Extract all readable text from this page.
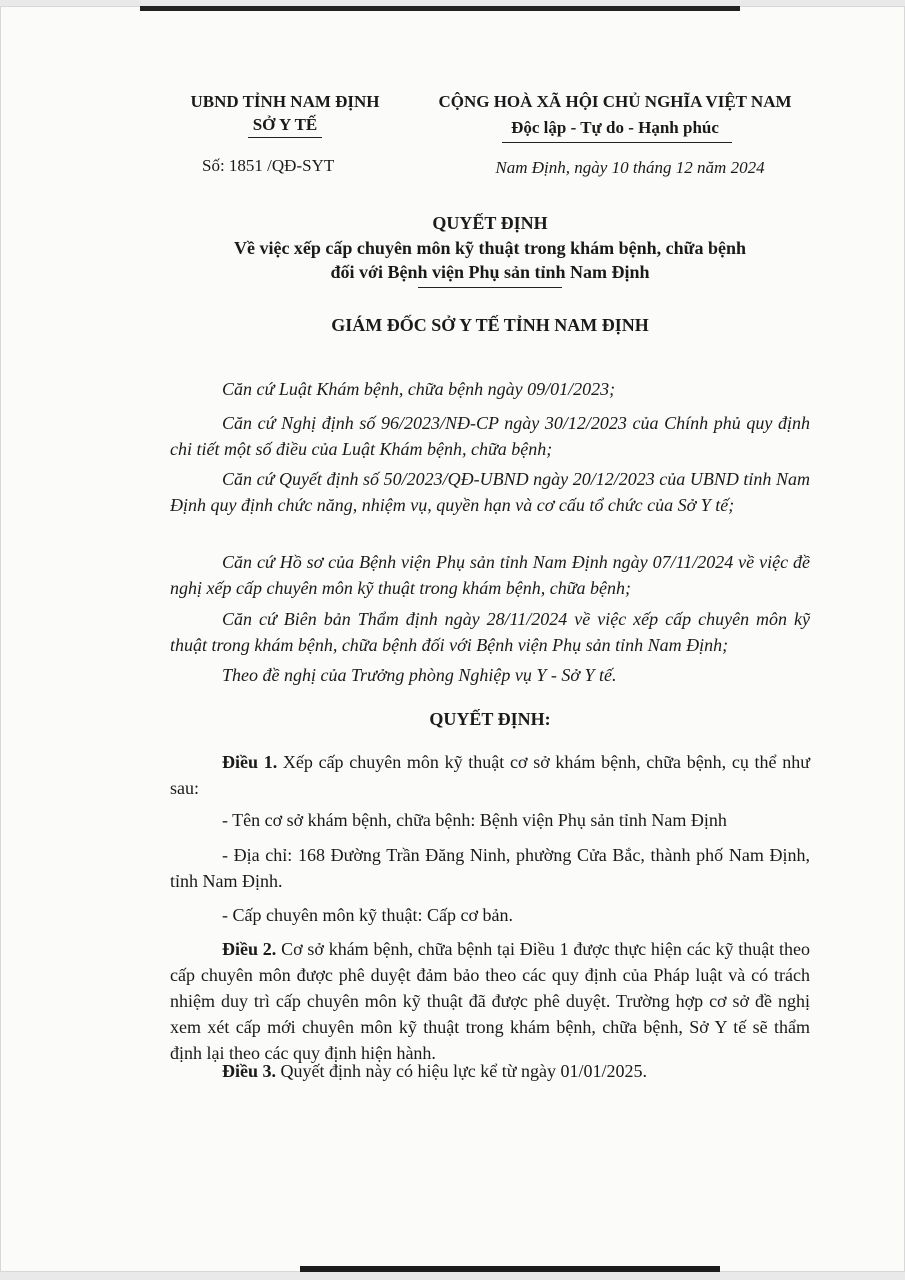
UBND TỈNH NAM ĐỊNH
SỞ Y TẾ
Số: 1851 /QĐ-SYT
CỘNG HOÀ XÃ HỘI CHỦ NGHĨA VIỆT NAM
Độc lập - Tự do - Hạnh phúc
Nam Định, ngày 10 tháng 12 năm 2024
QUYẾT ĐỊNH
Về việc xếp cấp chuyên môn kỹ thuật trong khám bệnh, chữa bệnh
đối với Bệnh viện Phụ sản tỉnh Nam Định
GIÁM ĐỐC SỞ Y TẾ TỈNH NAM ĐỊNH
Căn cứ Luật Khám bệnh, chữa bệnh ngày 09/01/2023;
Căn cứ Nghị định số 96/2023/NĐ-CP ngày 30/12/2023 của Chính phủ quy định chi tiết một số điều của Luật Khám bệnh, chữa bệnh;
Căn cứ Quyết định số 50/2023/QĐ-UBND ngày 20/12/2023 của UBND tỉnh Nam Định quy định chức năng, nhiệm vụ, quyền hạn và cơ cấu tổ chức của Sở Y tế;
Căn cứ Hồ sơ của Bệnh viện Phụ sản tỉnh Nam Định ngày 07/11/2024 về việc đề nghị xếp cấp chuyên môn kỹ thuật trong khám bệnh, chữa bệnh;
Căn cứ Biên bản Thẩm định ngày 28/11/2024 về việc xếp cấp chuyên môn kỹ thuật trong khám bệnh, chữa bệnh đối với Bệnh viện Phụ sản tỉnh Nam Định;
Theo đề nghị của Trưởng phòng Nghiệp vụ Y - Sở Y tế.
QUYẾT ĐỊNH:
Điều 1. Xếp cấp chuyên môn kỹ thuật cơ sở khám bệnh, chữa bệnh, cụ thể như sau:
- Tên cơ sở khám bệnh, chữa bệnh: Bệnh viện Phụ sản tỉnh Nam Định
- Địa chỉ: 168 Đường Trần Đăng Ninh, phường Cửa Bắc, thành phố Nam Định, tỉnh Nam Định.
- Cấp chuyên môn kỹ thuật: Cấp cơ bản.
Điều 2. Cơ sở khám bệnh, chữa bệnh tại Điều 1 được thực hiện các kỹ thuật theo cấp chuyên môn được phê duyệt đảm bảo theo các quy định của Pháp luật và có trách nhiệm duy trì cấp chuyên môn kỹ thuật đã được phê duyệt. Trường hợp cơ sở đề nghị xem xét cấp mới chuyên môn kỹ thuật trong khám bệnh, chữa bệnh, Sở Y tế sẽ thẩm định lại theo các quy định hiện hành.
Điều 3. Quyết định này có hiệu lực kể từ ngày 01/01/2025.
